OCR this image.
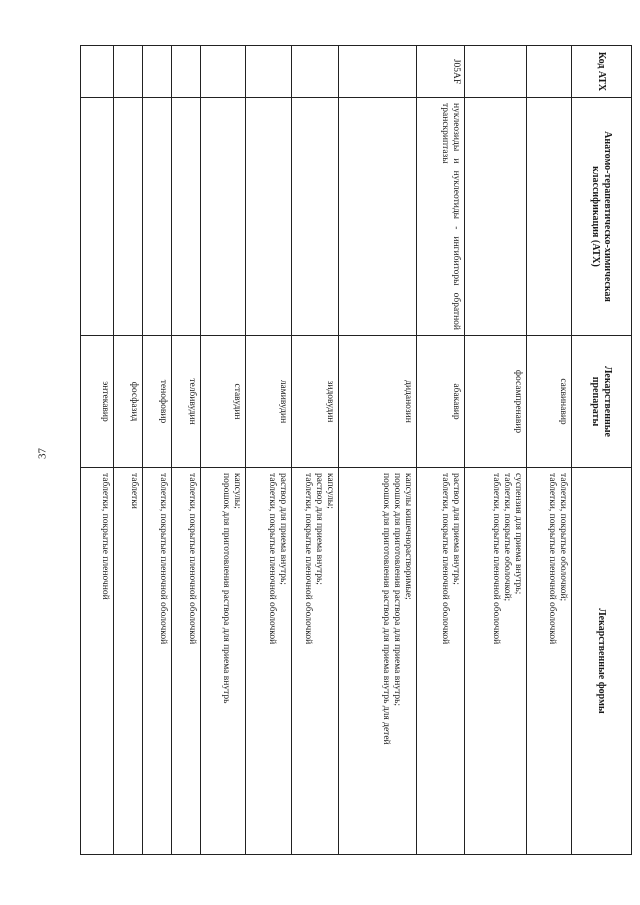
37
Код АТХ	Анатомо-терапевтическо-химическая классификация (АТХ)	Лекарственные препараты	Лекарственные формы
		саквинавир	таблетки, покрытые оболочкой;
таблетки, покрытые пленочной оболочкой

		фосампренавир	суспензия для приема внутрь;
таблетки, покрытые оболочкой;
таблетки, покрытые пленочной оболочкой

J05AF	нуклеозиды и нуклеотиды - ингибиторы обратной транскриптазы	абакавир	раствор для приема внутрь;
таблетки, покрытые пленочной оболочкой

		диданозин	капсулы кишечнорастворимые;
порошок для приготовления раствора для приема внутрь;
порошок для приготовления раствора для приема внутрь для детей

		зидовудин	капсулы;
раствор для приема внутрь;
таблетки, покрытые пленочной оболочкой

		ламивудин	раствор для приема внутрь;
таблетки, покрытые пленочной оболочкой

		ставудин	капсулы;
порошок для приготовления раствора для приема внутрь

		телбивудин	таблетки, покрытые пленочной оболочкой

		тенофовир	таблетки, покрытые пленочной оболочкой

		фосфазид	таблетки

		энтекавир	таблетки, покрытые пленочной
